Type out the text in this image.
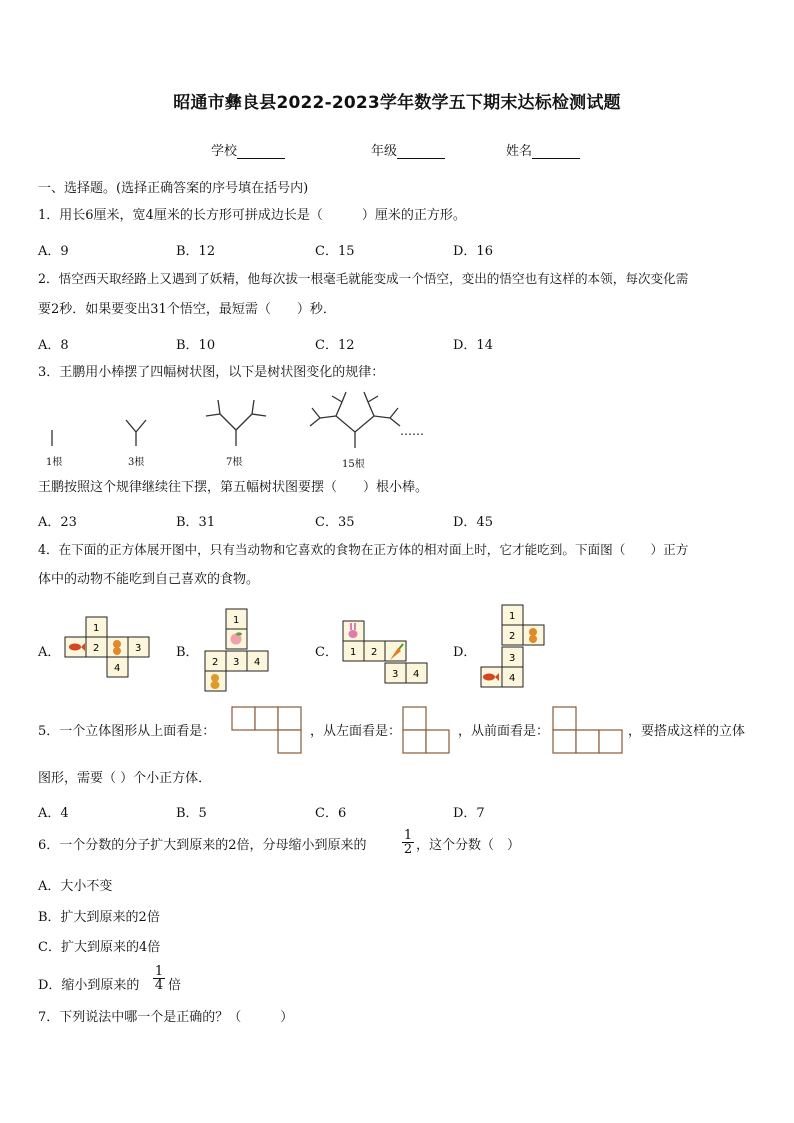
昭通市彝良县2022-2023学年数学五下期末达标检测试题
学校	年级	姓名
一、选择题。(选择正确答案的序号填在括号内)
1．用长6厘米，宽4厘米的长方形可拼成边长是（　　　）厘米的正方形。
A．9	B．12	C．15	D．16
2．悟空西天取经路上又遇到了妖精，他每次拔一根毫毛就能变成一个悟空，变出的悟空也有这样的本领，每次变化需
要2秒．如果要变出31个悟空，最短需（　　）秒．
A．8	B．10	C．12	D．14
3．王鹏用小棒摆了四幅树状图，以下是树状图变化的规律：
1根	3根	7根	15根
……
王鹏按照这个规律继续往下摆，第五幅树状图要摆（　　）根小棒。
A．23	B．31	C．35	D．45
4．在下面的正方体展开图中，只有当动物和它喜欢的食物在正方体的相对面上时，它才能吃到。下面图（　　）正方
体中的动物不能吃到自己喜欢的食物。
A．
1
2	3
4
B．
1
2 3 4
C． 1 2
3 4
D．
1
2
3
4
5．一个立体图形从上面看是：	，从左面看是：	，从前面看是：	，要搭成这样的立体
图形，需要（ ）个小正方体．
A．4	B．5	C．6	D．7
6．一个分数的分子扩大到原来的2倍，分母缩小到原来的	$\frac{1}{2}$ ，这个分数（　）
A．大小不变
B．扩大到原来的2倍
C．扩大到原来的4倍
D．缩小到原来的 $\frac{1}{4}$ 倍
7．下列说法中哪一个是正确的？（　　　）
